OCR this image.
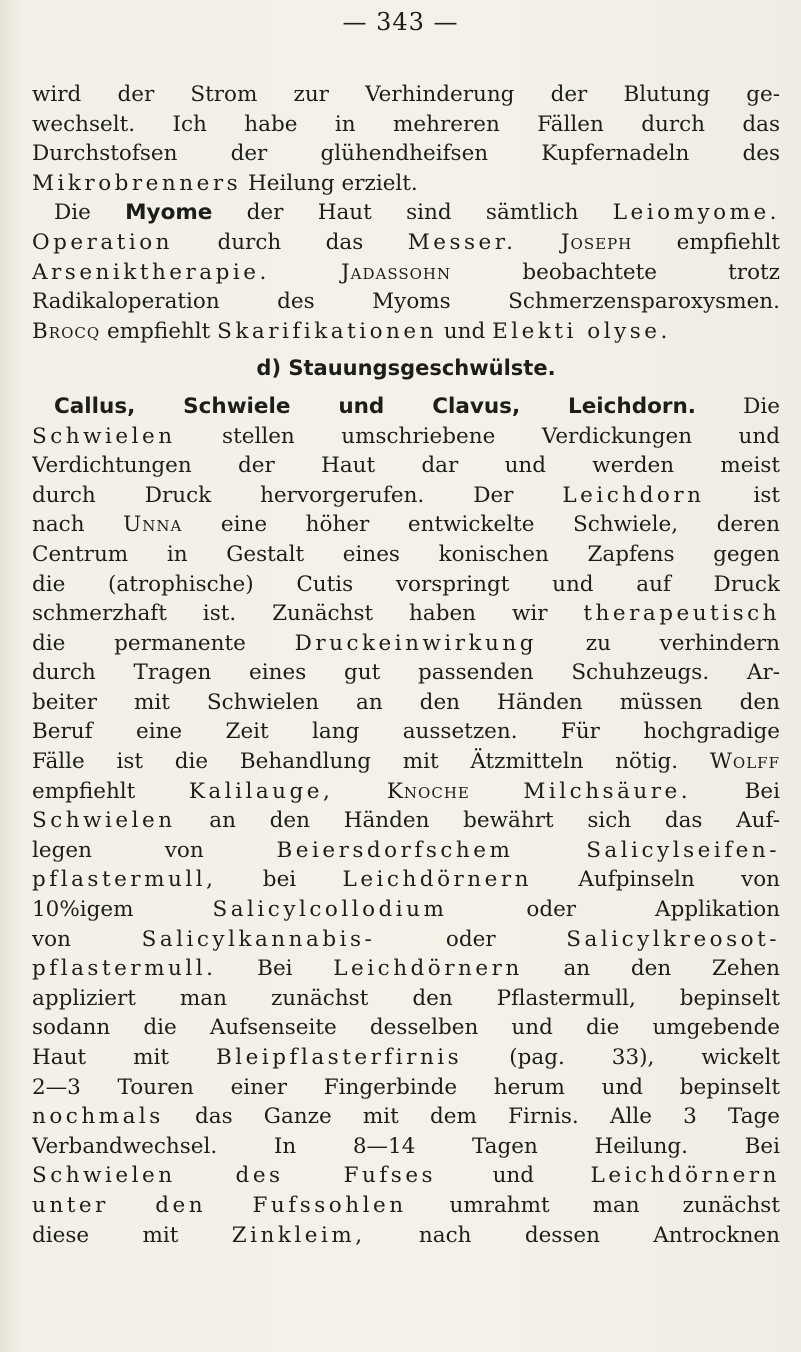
— 343 —
wird der Strom zur Verhinderung der Blutung ge-
wechselt. Ich habe in mehreren Fällen durch das
Durchstofsen der glühendheifsen Kupfernadeln des
Mikrobrenners Heilung erzielt.
Die Myome der Haut sind sämtlich Leiomyome.
Operation durch das Messer. Joseph empfiehlt
Arseniktherapie.	Jadassohn beobachtete trotz
Radikaloperation des Myoms Schmerzensparoxysmen.
Brocq empfiehlt Skarifikationen und Elekti olyse.
d) Stauungsgeschwülste.
Callus, Schwiele und Clavus, Leichdorn. Die
Schwielen stellen umschriebene Verdickungen und
Verdichtungen der Haut dar und werden meist
durch Druck hervorgerufen. Der Leichdorn ist
nach Unna eine höher entwickelte Schwiele, deren
Centrum in Gestalt eines konischen Zapfens gegen
die (atrophische) Cutis vorspringt und auf Druck
schmerzhaft ist. Zunächst haben wir therapeutisch
die permanente Druckeinwirkung zu verhindern
durch Tragen eines gut passenden Schuhzeugs. Ar-
beiter mit Schwielen an den Händen müssen den
Beruf eine Zeit lang aussetzen. Für hochgradige
Fälle ist die Behandlung mit Ätzmitteln nötig. Wolff
empfiehlt Kalilauge, Knoche Milchsäure. Bei
Schwielen an den Händen bewährt sich das Auf-
legen von Beiersdorfschem	Salicylseifen-
pflastermull, bei Leichdörnern Aufpinseln von
10%igem Salicylcollodium oder Applikation
von Salicylkannabis- oder Salicylkreosot-
pflastermull. Bei Leichdörnern an den Zehen
appliziert man zunächst den Pflastermull, bepinselt
sodann die Aufsenseite desselben und die umgebende
Haut mit Bleipflasterfirnis (pag. 33), wickelt
2—3 Touren einer Fingerbinde herum und bepinselt
nochmals das Ganze mit dem Firnis. Alle 3 Tage
Verbandwechsel. In 8—14 Tagen Heilung. Bei
Schwielen des Fufses und Leichdörnern
unter den Fufssohlen umrahmt man zunächst
diese mit Zinkleim, nach dessen Antrocknen
